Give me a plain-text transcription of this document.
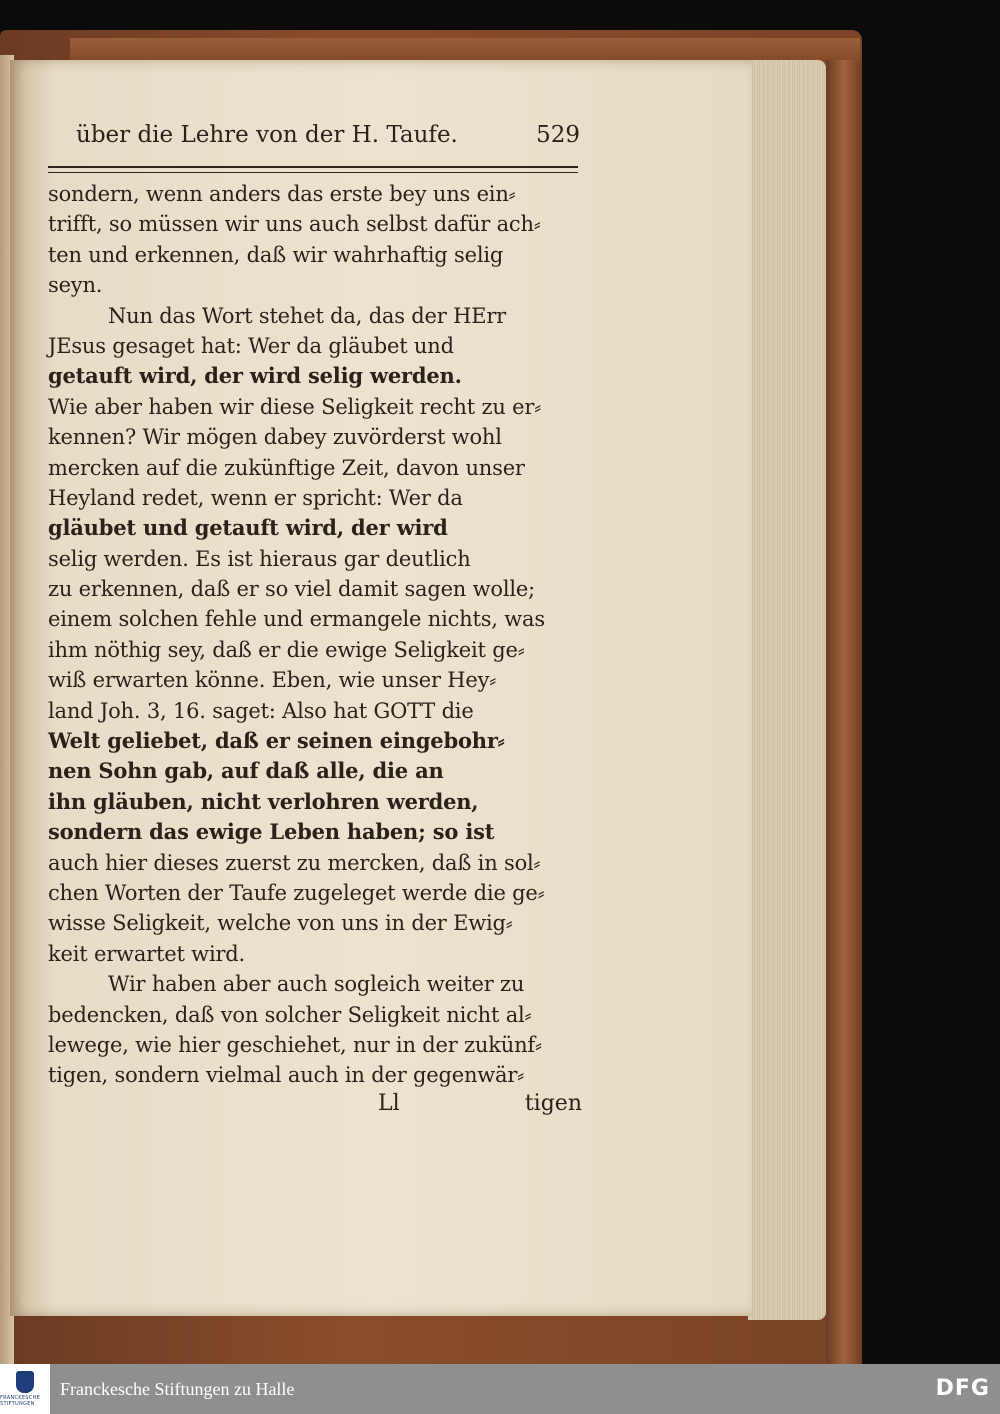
über die Lehre von der H. Taufe.	529
sondern, wenn anders das erste bey uns ein⸗
trifft, so müssen wir uns auch selbst dafür ach⸗
ten und erkennen, daß wir wahrhaftig selig
seyn.
Nun das Wort stehet da, das der HErr
JEsus gesaget hat: Wer da gläubet und
getauft wird, der wird selig werden.
Wie aber haben wir diese Seligkeit recht zu er⸗
kennen? Wir mögen dabey zuvörderst wohl
mercken auf die zukünftige Zeit, davon unser
Heyland redet, wenn er spricht: Wer da
gläubet und getauft wird, der wird
selig werden. Es ist hieraus gar deutlich
zu erkennen, daß er so viel damit sagen wolle;
einem solchen fehle und ermangele nichts, was
ihm nöthig sey, daß er die ewige Seligkeit ge⸗
wiß erwarten könne. Eben, wie unser Hey⸗
land Joh. 3, 16. saget: Also hat GOTT die
Welt geliebet, daß er seinen eingebohr⸗
nen Sohn gab, auf daß alle, die an
ihn gläuben, nicht verlohren werden,
sondern das ewige Leben haben; so ist
auch hier dieses zuerst zu mercken, daß in sol⸗
chen Worten der Taufe zugeleget werde die ge⸗
wisse Seligkeit, welche von uns in der Ewig⸗
keit erwartet wird.
Wir haben aber auch sogleich weiter zu
bedencken, daß von solcher Seligkeit nicht al⸗
lewege, wie hier geschiehet, nur in der zukünf⸗
tigen, sondern vielmal auch in der gegenwär⸗
Ll	tigen
FRANCKESCHE STIFTUNGEN
Franckesche Stiftungen zu Halle	DFG
